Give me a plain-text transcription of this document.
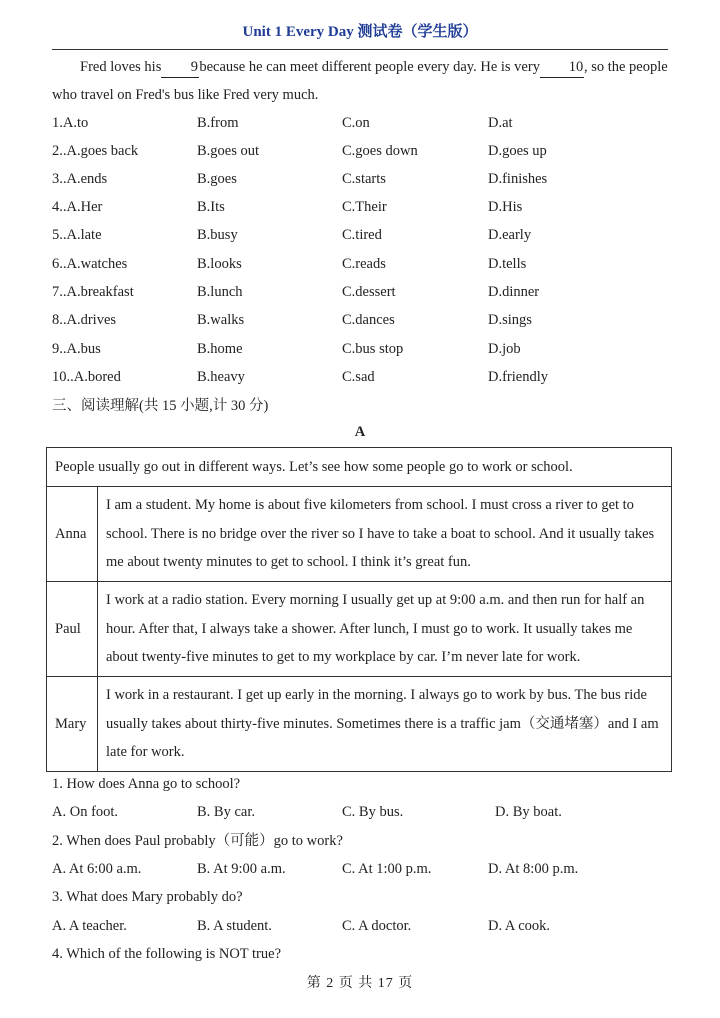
Unit 1 Every Day 测试卷（学生版）
Fred loves his 9because he can meet different people every day. He is very 10, so the people
who travel on Fred's bus like Fred very much.
1.A.to	B.from	C.on	D.at
2..A.goes back	B.goes out	C.goes down	D.goes up
3..A.ends	B.goes	C.starts	D.finishes
4..A.Her	B.Its	C.Their	D.His
5..A.late	B.busy	C.tired	D.early
6..A.watches	B.looks	C.reads	D.tells
7..A.breakfast	B.lunch	C.dessert	D.dinner
8..A.drives	B.walks	C.dances	D.sings
9..A.bus	B.home	C.bus stop	D.job
10..A.bored	B.heavy	C.sad	D.friendly
三、阅读理解(共 15 小题,计 30 分)
A
People usually go out in different ways. Let’s see how some people go to work or school.	
Anna	I am a student. My home is about five kilometers from school. I must cross a river to get to school. There is no bridge over the river so I have to take a boat to school. And it usually takes me about twenty minutes to get to school. I think it’s great fun.
Paul	I work at a radio station. Every morning I usually get up at 9:00 a.m. and then run for half an hour. After that, I always take a shower. After lunch, I must go to work. It usually takes me about twenty-five minutes to get to my workplace by car. I’m never late for work.
Mary	I work in a restaurant. I get up early in the morning. I always go to work by bus. The bus ride usually takes about thirty-five minutes. Sometimes there is a traffic jam（交通堵塞）and I am late for work.
1. How does Anna go to school?
A. On foot.	B. By car.	C. By bus.	D. By boat.
2. When does Paul probably（可能）go to work?
A. At 6:00 a.m.	B. At 9:00 a.m.	C. At 1:00 p.m.	D. At 8:00 p.m.
3. What does Mary probably do?
A. A teacher.	B. A student.	C. A doctor.	D. A cook.
4. Which of the following is NOT true?
第 2 页 共 17 页
